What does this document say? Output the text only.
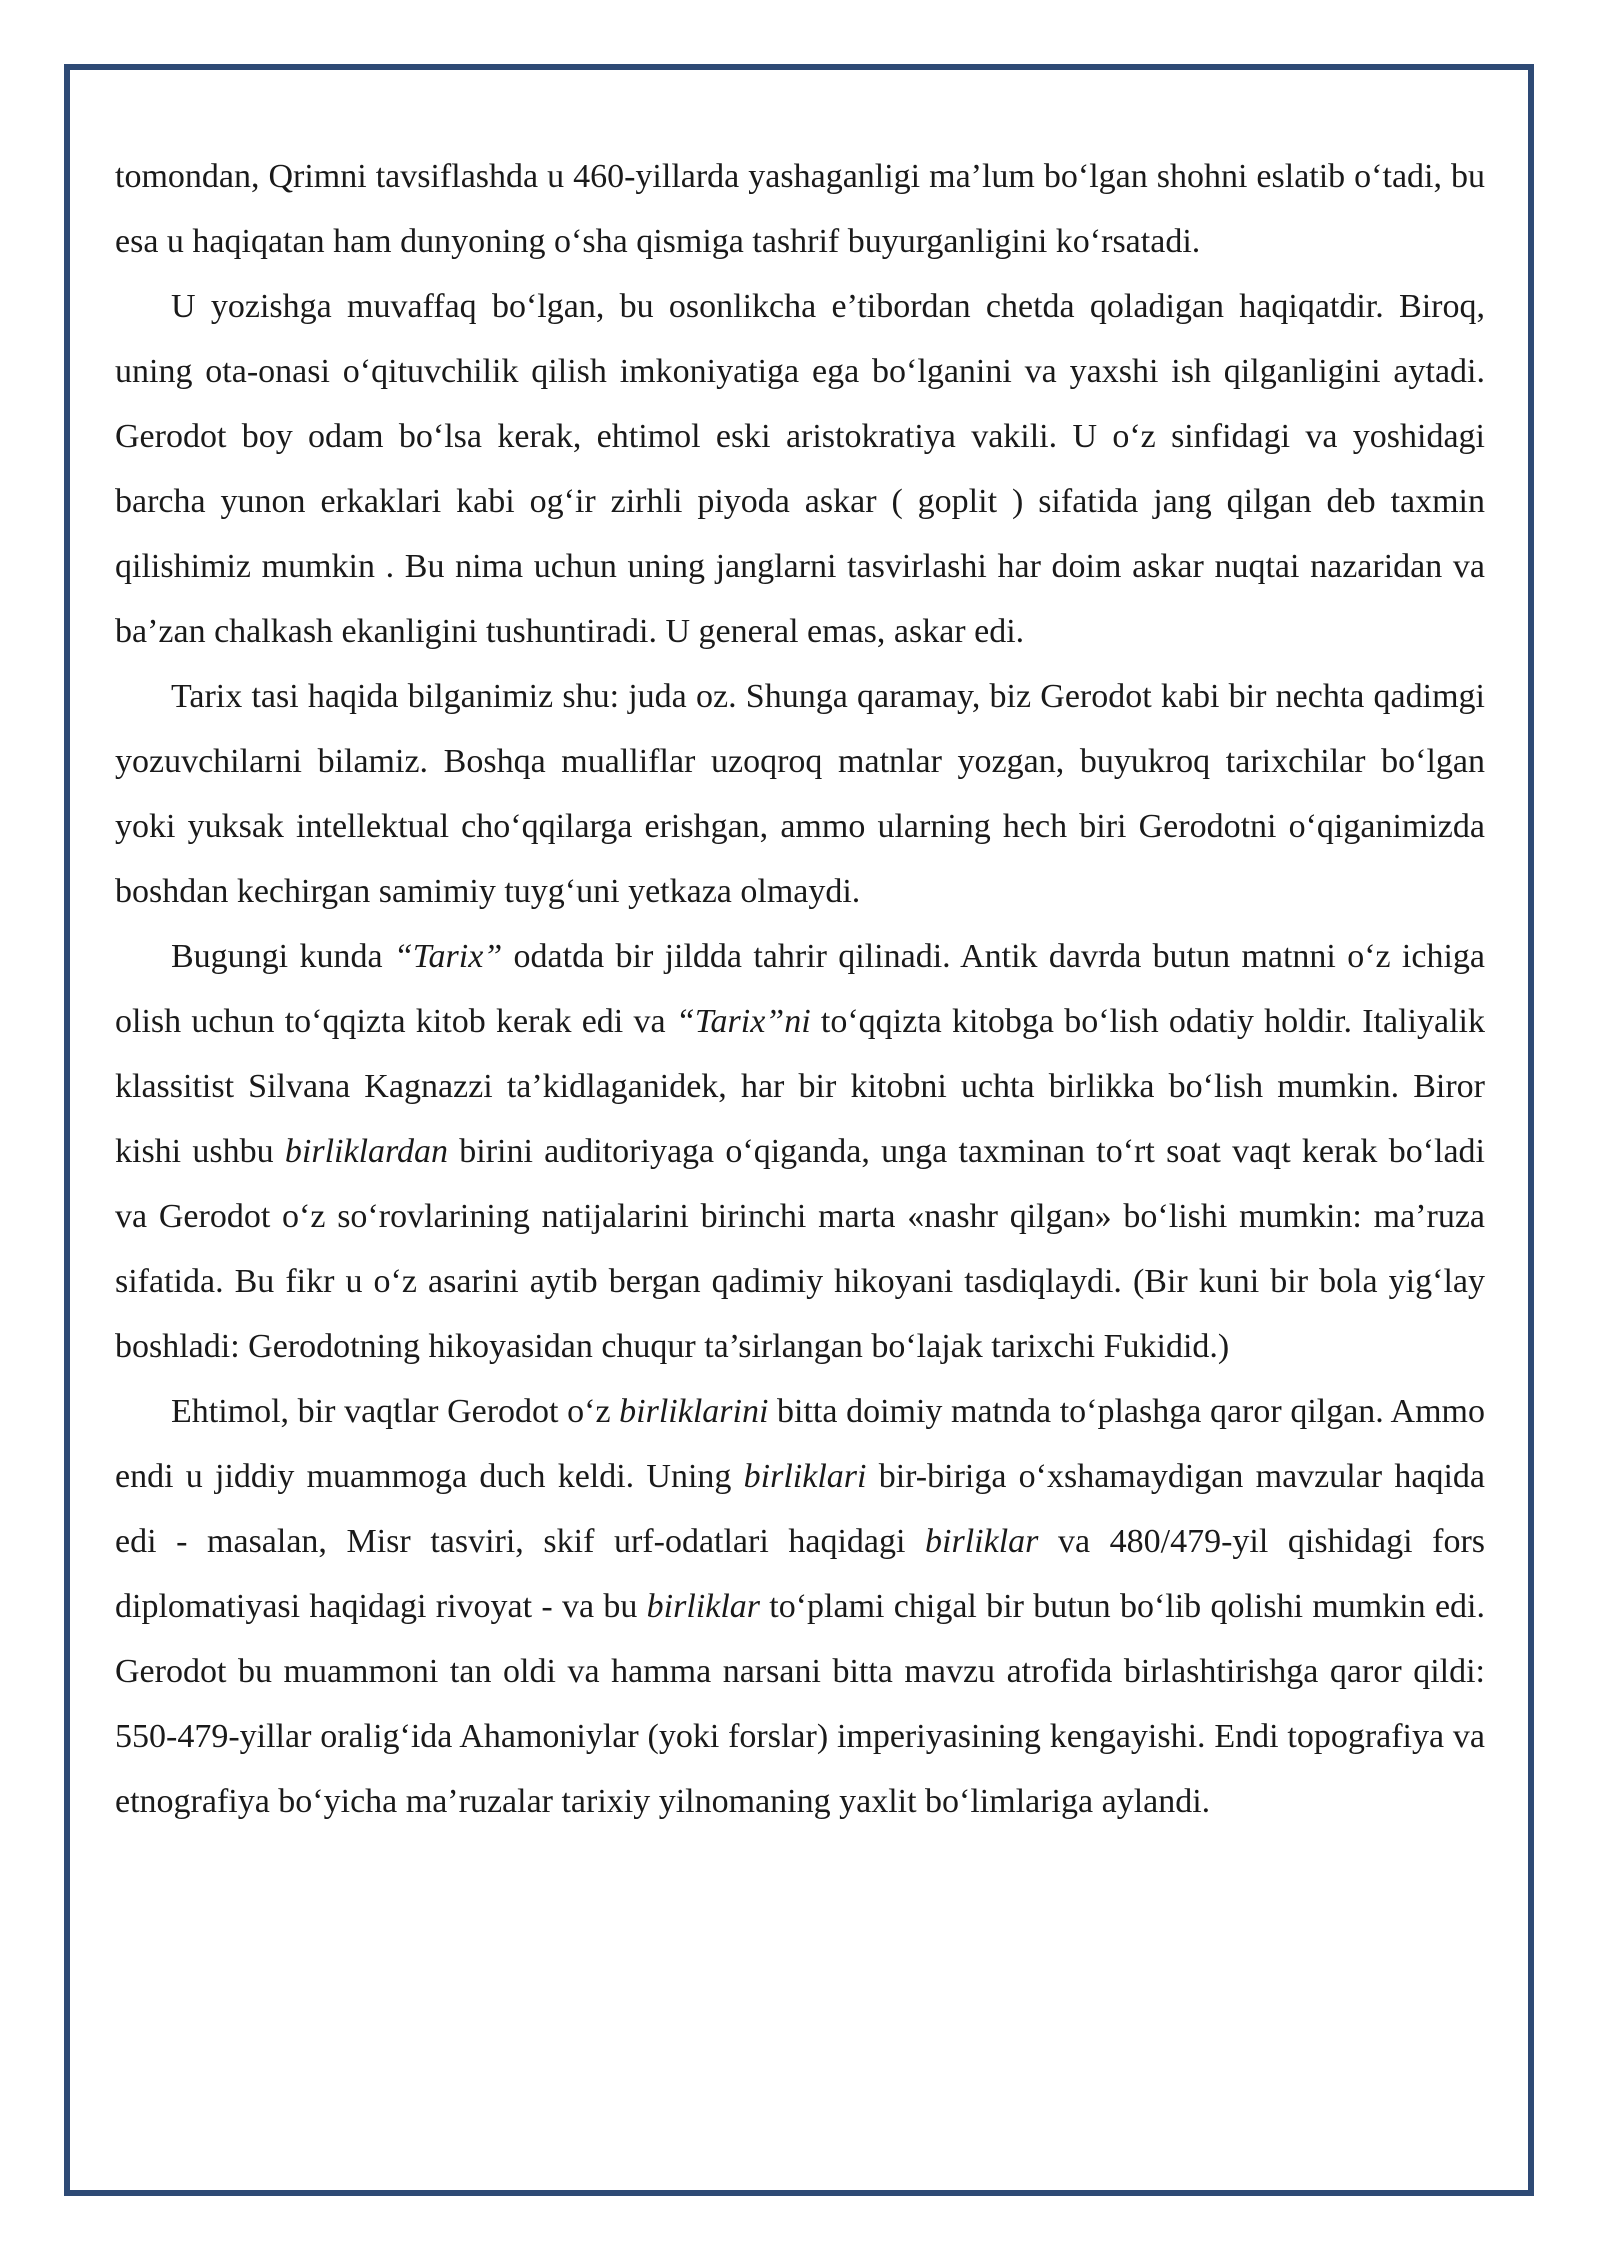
tomondan, Qrimni tavsiflashda u 460-yillarda yashaganligi ma’lum bo‘lgan shohni eslatib o‘tadi, bu esa u haqiqatan ham dunyoning o‘sha qismiga tashrif buyurganligini ko‘rsatadi.

U yozishga muvaffaq bo‘lgan, bu osonlikcha e’tibordan chetda qoladigan haqiqatdir. Biroq, uning ota-onasi o‘qituvchilik qilish imkoniyatiga ega bo‘lganini va yaxshi ish qilganligini aytadi. Gerodot boy odam bo‘lsa kerak, ehtimol eski aristokratiya vakili. U o‘z sinfidagi va yoshidagi barcha yunon erkaklari kabi og‘ir zirhli piyoda askar ( goplit ) sifatida jang qilgan deb taxmin qilishimiz mumkin . Bu nima uchun uning janglarni tasvirlashi har doim askar nuqtai nazaridan va ba’zan chalkash ekanligini tushuntiradi. U general emas, askar edi.

Tarix tasi haqida bilganimiz shu: juda oz. Shunga qaramay, biz Gerodot kabi bir nechta qadimgi yozuvchilarni bilamiz. Boshqa mualliflar uzoqroq matnlar yozgan, buyukroq tarixchilar bo‘lgan yoki yuksak intellektual cho‘qqilarga erishgan, ammo ularning hech biri Gerodotni o‘qiganimizda boshdan kechirgan samimiy tuyg‘uni yetkaza olmaydi.

Bugungi kunda “Tarix” odatda bir jildda tahrir qilinadi. Antik davrda butun matnni o‘z ichiga olish uchun to‘qqizta kitob kerak edi va “Tarix”ni to‘qqizta kitobga bo‘lish odatiy holdir. Italiyalik klassitist Silvana Kagnazzi ta’kidlaganidek, har bir kitobni uchta birlikka bo‘lish mumkin. Biror kishi ushbu birliklardan birini auditoriyaga o‘qiganda, unga taxminan to‘rt soat vaqt kerak bo‘ladi va Gerodot o‘z so‘rovlarining natijalarini birinchi marta «nashr qilgan» bo‘lishi mumkin: ma’ruza sifatida. Bu fikr u o‘z asarini aytib bergan qadimiy hikoyani tasdiqlaydi. (Bir kuni bir bola yig‘lay boshladi: Gerodotning hikoyasidan chuqur ta’sirlangan bo‘lajak tarixchi Fukidid.)

Ehtimol, bir vaqtlar Gerodot o‘z birliklarini bitta doimiy matnda to‘plashga qaror qilgan. Ammo endi u jiddiy muammoga duch keldi. Uning birliklari bir-biriga o‘xshamaydigan mavzular haqida edi - masalan, Misr tasviri, skif urf-odatlari haqidagi birliklar va 480/479-yil qishidagi fors diplomatiyasi haqidagi rivoyat - va bu birliklar to‘plami chigal bir butun bo‘lib qolishi mumkin edi. Gerodot bu muammoni tan oldi va hamma narsani bitta mavzu atrofida birlashtirishga qaror qildi: 550-479-yillar oralig‘ida Ahamoniylar (yoki forslar) imperiyasining kengayishi. Endi topografiya va etnografiya bo‘yicha ma’ruzalar tarixiy yilnomaning yaxlit bo‘limlariga aylandi.
